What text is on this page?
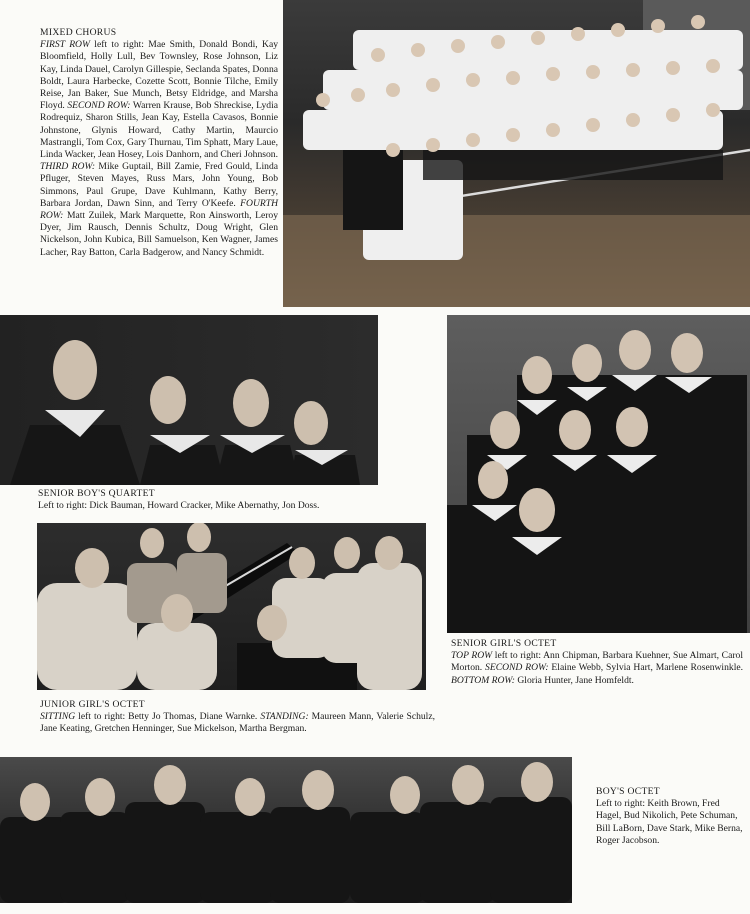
MIXED CHORUS
FIRST ROW left to right: Mae Smith, Donald Bondi, Kay Bloomfield, Holly Lull, Bev Townsley, Rose Johnson, Liz Kay, Linda Dauel, Carolyn Gillespie, Seclanda Spates, Donna Boldt, Laura Harbecke, Cozette Scott, Bonnie Tilche, Emily Reise, Jan Baker, Sue Munch, Betsy Eldridge, and Marsha Floyd. SECOND ROW: Warren Krause, Bob Shreckise, Lydia Rodrequiz, Sharon Stills, Jean Kay, Estella Cavasos, Bonnie Johnstone, Glynis Howard, Cathy Martin, Maurcio Mastrangli, Tom Cox, Gary Thurnau, Tim Sphatt, Mary Laue, Linda Wacker, Jean Hosey, Lois Danhorn, and Cheri Johnson. THIRD ROW: Mike Guptail, Bill Zamie, Fred Gould, Linda Pfluger, Steven Mayes, Russ Mars, John Young, Bob Simmons, Paul Grupe, Dave Kuhlmann, Kathy Berry, Barbara Jordan, Dawn Sinn, and Terry O'Keefe. FOURTH ROW: Matt Zuilek, Mark Marquette, Ron Ainsworth, Leroy Dyer, Jim Rausch, Dennis Schultz, Doug Wright, Glen Nickelson, John Kubica, Bill Samuelson, Ken Wagner, James Lacher, Ray Batton, Carla Badgerow, and Nancy Schmidt.
SENIOR BOY'S QUARTET
Left to right: Dick Bauman, Howard Cracker, Mike Abernathy, Jon Doss.
SENIOR GIRL'S OCTET
TOP ROW left to right: Ann Chipman, Barbara Kuehner, Sue Almart, Carol Morton. SECOND ROW: Elaine Webb, Sylvia Hart, Marlene Rosenwinkle. BOTTOM ROW: Gloria Hunter, Jane Homfeldt.
JUNIOR GIRL'S OCTET
SITTING left to right: Betty Jo Thomas, Diane Warnke. STANDING: Maureen Mann, Valerie Schulz, Jane Keating, Gretchen Henninger, Sue Mickelson, Martha Bergman.
BOY'S OCTET
Left to right: Keith Brown, Fred Hagel, Bud Nikolich, Pete Schuman, Bill LaBorn, Dave Stark, Mike Berna, Roger Jacobson.
